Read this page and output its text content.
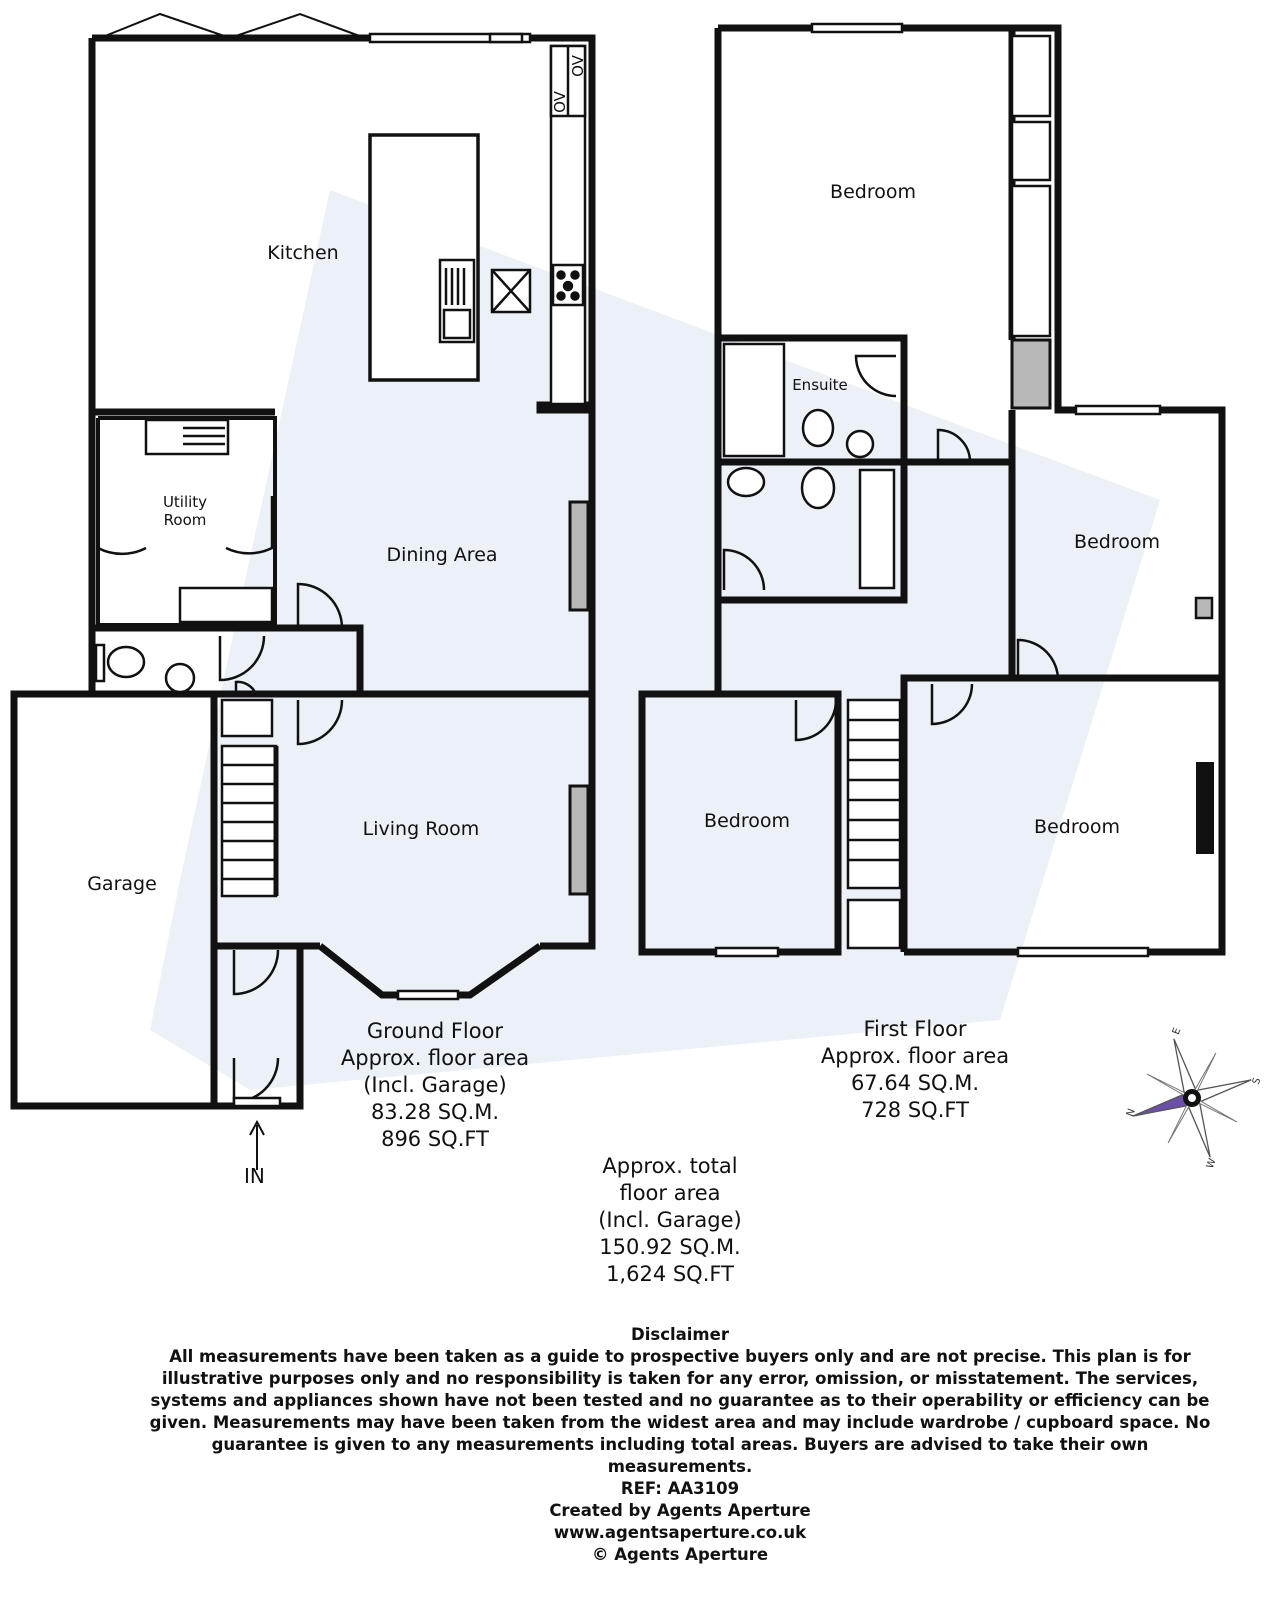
Kitchen
Utility
Room
Dining Area
Living Room
Garage
OV
OV
Bedroom
Ensuite
Bedroom
Bedroom	Bedroom
N
E
S
W
Ground Floor
Approx. floor area
(Incl. Garage)
83.28 SQ.M.
896 SQ.FT
First Floor
Approx. floor area
67.64 SQ.M.
728 SQ.FT
Approx. total
floor area
(Incl. Garage)
150.92 SQ.M.
1,624 SQ.FT
IN
Disclaimer
All measurements have been taken as a guide to prospective buyers only and are not precise. This plan is for illustrative purposes only and no responsibility is taken for any error, omission, or misstatement. The services, systems and appliances shown have not been tested and no guarantee as to their operability or efficiency can be given. Measurements may have been taken from the widest area and may include wardrobe / cupboard space. No guarantee is given to any measurements including total areas. Buyers are advised to take their own measurements.
REF: AA3109
Created by Agents Aperture
www.agentsaperture.co.uk
© Agents Aperture
